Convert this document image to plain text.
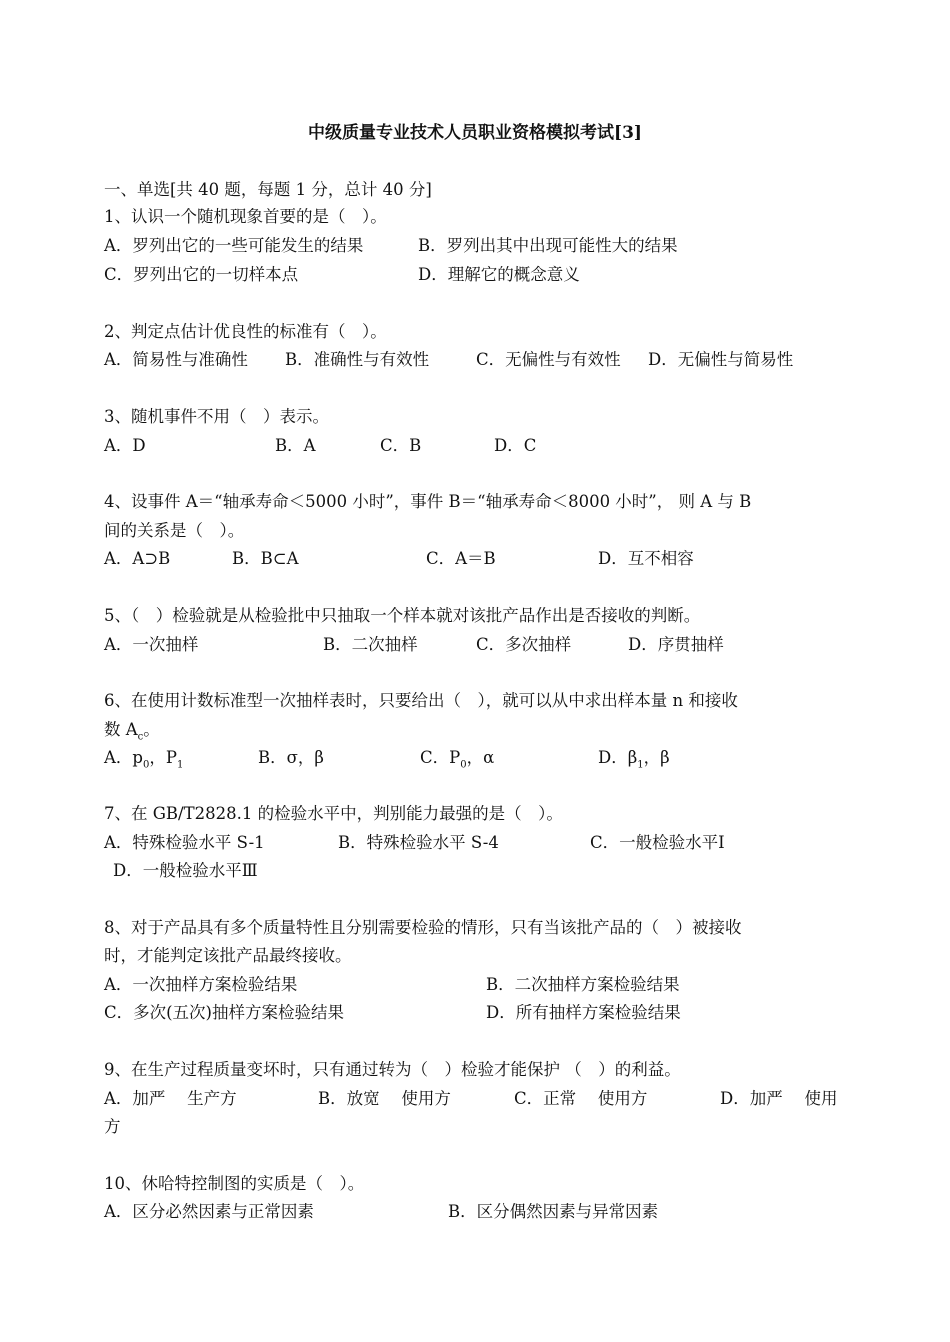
中级质量专业技术人员职业资格模拟考试[3]
一、单选[共 40 题，每题 1 分，总计 40 分]
1、认识一个随机现象首要的是（　）。
A．罗列出它的一些可能发生的结果	B．罗列出其中出现可能性大的结果
C．罗列出它的一切样本点	D．理解它的概念意义
2、判定点估计优良性的标准有（　）。
A．简易性与准确性 B．准确性与有效性	C．无偏性与有效性 D．无偏性与简易性
3、随机事件不用（　）表示。
A．D	B．A	C．B	D．C
4、设事件 A＝“轴承寿命＜5000 小时”，事件 B＝“轴承寿命＜8000 小时”， 则 A 与 B
间的关系是（　）。
A．A⊃B	B．B⊂A	C．A＝B	D．互不相容
5、（　）检验就是从检验批中只抽取一个样本就对该批产品作出是否接收的判断。
A．一次抽样	B．二次抽样	C．多次抽样	D．序贯抽样
6、在使用计数标准型一次抽样表时，只要给出（　），就可以从中求出样本量 n 和接收
数 $A_c$。
A．$p_0$，$P_1$	B．σ，β	C．$P_0$，α	D．$\beta_1$，β
7、在 GB/T2828.1 的检验水平中，判别能力最强的是（　）。
A．特殊检验水平 S-1	B．特殊检验水平 S-4	C．一般检验水平Ⅰ
D．一般检验水平Ⅲ
8、对于产品具有多个质量特性且分别需要检验的情形，只有当该批产品的（　）被接收
时，才能判定该批产品最终接收。
A．一次抽样方案检验结果	B．二次抽样方案检验结果
C．多次(五次)抽样方案检验结果	D．所有抽样方案检验结果
9、在生产过程质量变坏时，只有通过转为（　）检验才能保护 （　）的利益。
A．加严　 生产方	B．放宽　 使用方	C．正常　 使用方	D．加严　 使用
方
10、休哈特控制图的实质是（　）。
A．区分必然因素与正常因素	B．区分偶然因素与异常因素
